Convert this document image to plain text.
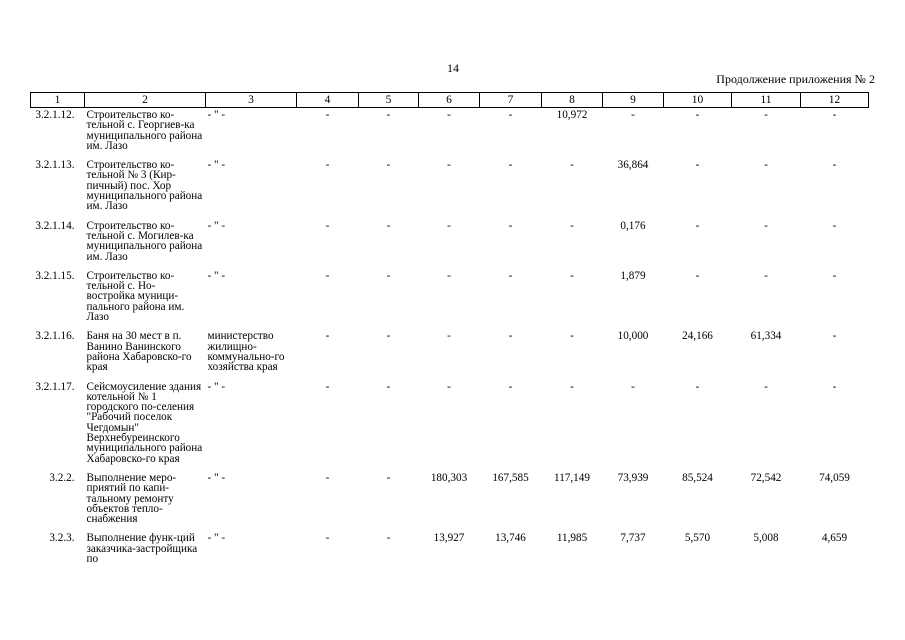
14
Продолжение приложения № 2
1	2	3	4	5	6	7	8	9	10	11	12
3.2.1.12.	Строительство ко-тельной с. Георгиев-ка муниципального района им. Лазо	- " -	-	-	-	-	10,972	-	-	-	-
3.2.1.13.	Строительство ко-тельной № 3 (Кир-пичный) пос. Хор муниципального района им. Лазо	- " -	-	-	-	-	-	36,864	-	-	-
3.2.1.14.	Строительство ко-тельной с. Могилев-ка муниципального района им. Лазо	- " -	-	-	-	-	-	0,176	-	-	-
3.2.1.15.	Строительство ко-тельной с. Но-востройка муници-пального района им. Лазо	- " -	-	-	-	-	-	1,879	-	-	-
3.2.1.16.	Баня на 30 мест в п. Ванино Ванинского района Хабаровско-го края	министерство жилищно-коммунально-го хозяйства края	-	-	-	-	-	10,000	24,166	61,334	-
3.2.1.17.	Сейсмоусиление здания котельной № 1 городского по-селения "Рабочий поселок Чегдомын" Верхнебуреинского муниципального района Хабаровско-го края	- " -	-	-	-	-	-	-	-	-	-
3.2.2.	Выполнение меро-приятий по капи-тальному ремонту объектов тепло-снабжения	- " -	-	-	180,303	167,585	117,149	73,939	85,524	72,542	74,059
3.2.3.	Выполнение функ-ций заказчика-застройщика по	- " -	-	-	13,927	13,746	11,985	7,737	5,570	5,008	4,659
